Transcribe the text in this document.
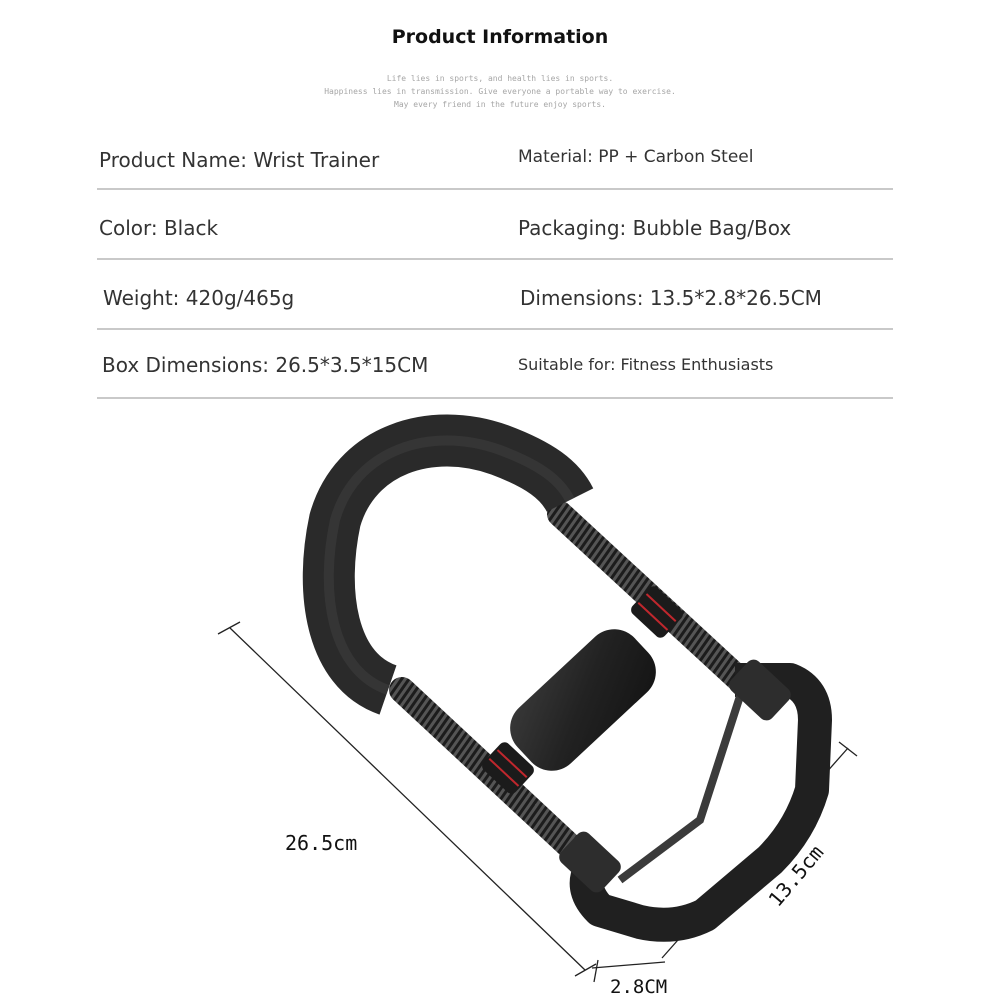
Product Information
Life lies in sports, and health lies in sports.
Happiness lies in transmission. Give everyone a portable way to exercise.
May every friend in the future enjoy sports.
Product Name: Wrist Trainer	Material: PP + Carbon Steel
Color: Black	Packaging: Bubble Bag/Box
Weight: 420g/465g	Dimensions: 13.5*2.8*26.5CM
Box Dimensions: 26.5*3.5*15CM	Suitable for: Fitness Enthusiasts
26.5cm	13.5cm
2.8CM
